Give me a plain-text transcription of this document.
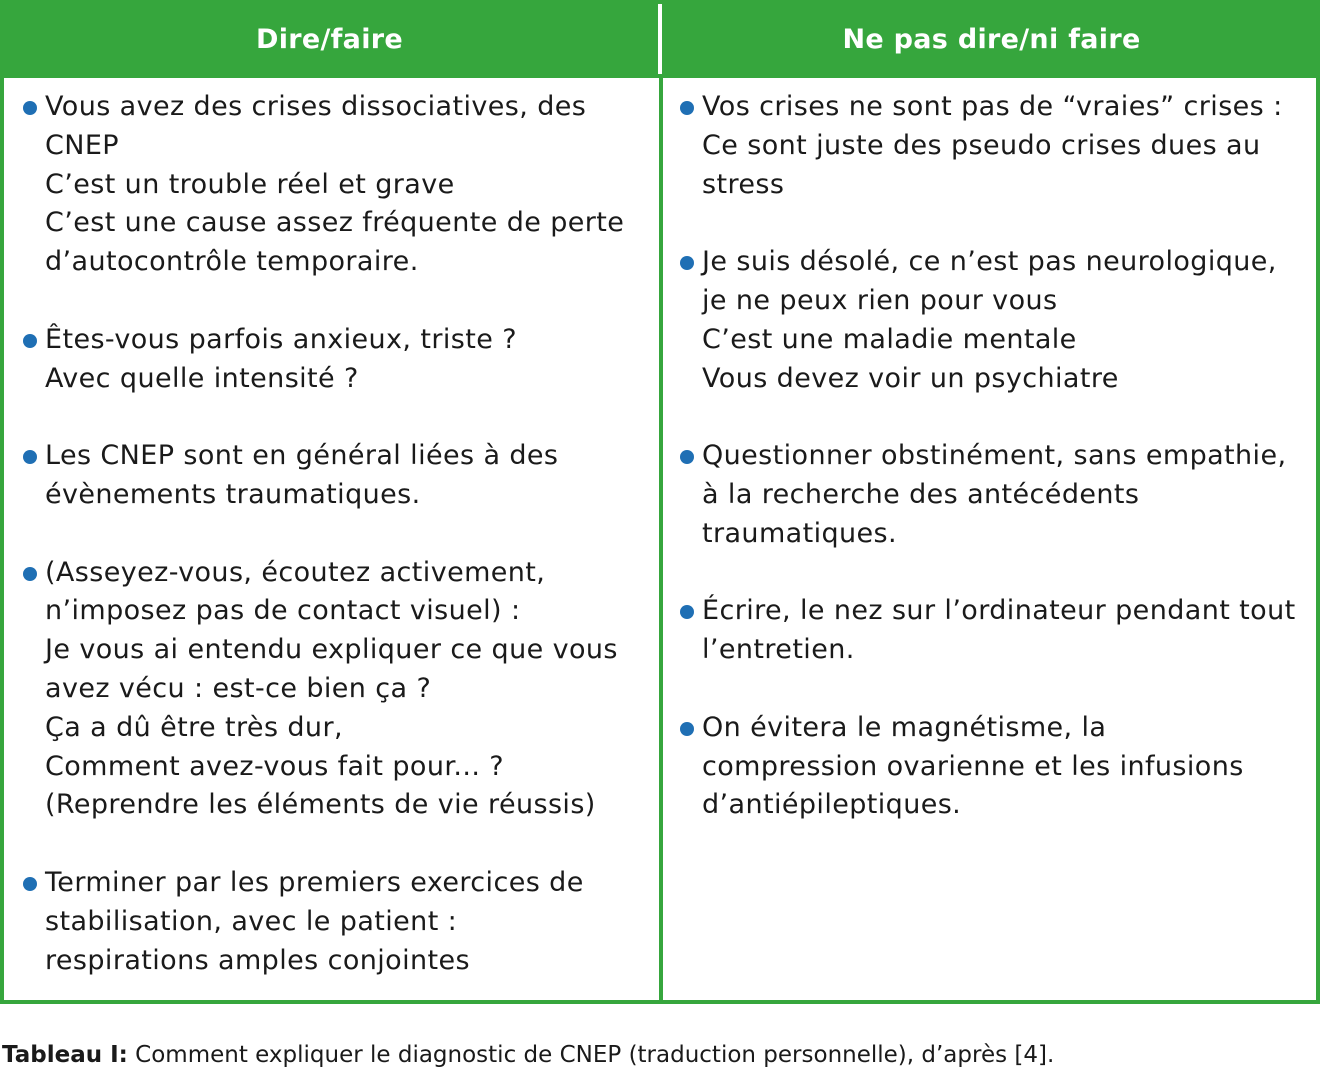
Dire/faire	Ne pas dire/ni faire
Vous avez des crises dissociatives, des
CNEP
C’est un trouble réel et grave
C’est une cause assez fréquente de perte
d’autocontrôle temporaire.
Êtes-vous parfois anxieux, triste ?
Avec quelle intensité ?
Les CNEP sont en général liées à des
évènements traumatiques.
(Asseyez-vous, écoutez activement,
n’imposez pas de contact visuel) :
Je vous ai entendu expliquer ce que vous
avez vécu : est-ce bien ça ?
Ça a dû être très dur,
Comment avez-vous fait pour... ?
(Reprendre les éléments de vie réussis)
Terminer par les premiers exercices de
stabilisation, avec le patient :
respirations amples conjointes
Vos crises ne sont pas de “vraies” crises :
Ce sont juste des pseudo crises dues au
stress
Je suis désolé, ce n’est pas neurologique,
je ne peux rien pour vous
C’est une maladie mentale
Vous devez voir un psychiatre
Questionner obstinément, sans empathie,
à la recherche des antécédents
traumatiques.
Écrire, le nez sur l’ordinateur pendant tout
l’entretien.
On évitera le magnétisme, la
compression ovarienne et les infusions
d’antiépileptiques.
Tableau I: Comment expliquer le diagnostic de CNEP (traduction personnelle), d’après [4].
